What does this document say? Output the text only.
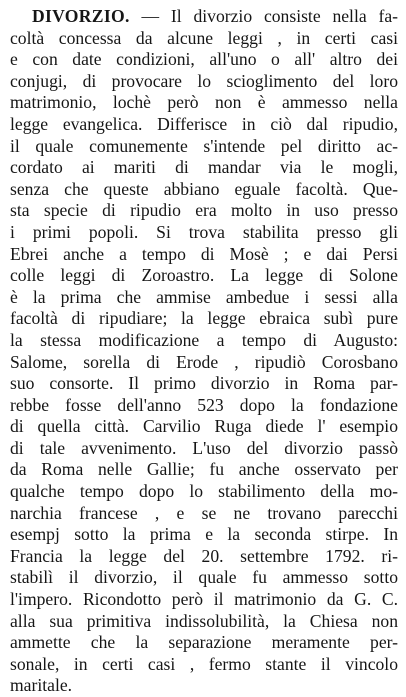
DIVORZIO. — Il divorzio consiste nella fa-
coltà concessa da alcune leggi , in certi casi
e con date condizioni, all'uno o all' altro dei
conjugi, di provocare lo scioglimento del loro
matrimonio, lochè però non è ammesso nella
legge evangelica. Differisce in ciò dal ripudio,
il quale comunemente s'intende pel diritto ac-
cordato ai mariti di mandar via le mogli,
senza che queste abbiano eguale facoltà. Que-
sta specie di ripudio era molto in uso presso
i primi popoli. Si trova stabilita presso gli
Ebrei anche a tempo di Mosè ; e dai Persi
colle leggi di Zoroastro. La legge di Solone
è la prima che ammise ambedue i sessi alla
facoltà di ripudiare; la legge ebraica subì pure
la stessa modificazione a tempo di Augusto:
Salome, sorella di Erode , ripudiò Corosbano
suo consorte. Il primo divorzio in Roma par-
rebbe fosse dell'anno 523 dopo la fondazione
di quella città. Carvilio Ruga diede l' esempio
di tale avvenimento. L'uso del divorzio passò
da Roma nelle Gallie; fu anche osservato per
qualche tempo dopo lo stabilimento della mo-
narchia francese , e se ne trovano parecchi
esempj sotto la prima e la seconda stirpe. In
Francia la legge del 20. settembre 1792. ri-
stabilì il divorzio, il quale fu ammesso sotto
l'impero. Ricondotto però il matrimonio da G. C.
alla sua primitiva indissolubilità, la Chiesa non
ammette che la separazione meramente per-
sonale, in certi casi , fermo stante il vincolo
maritale.
